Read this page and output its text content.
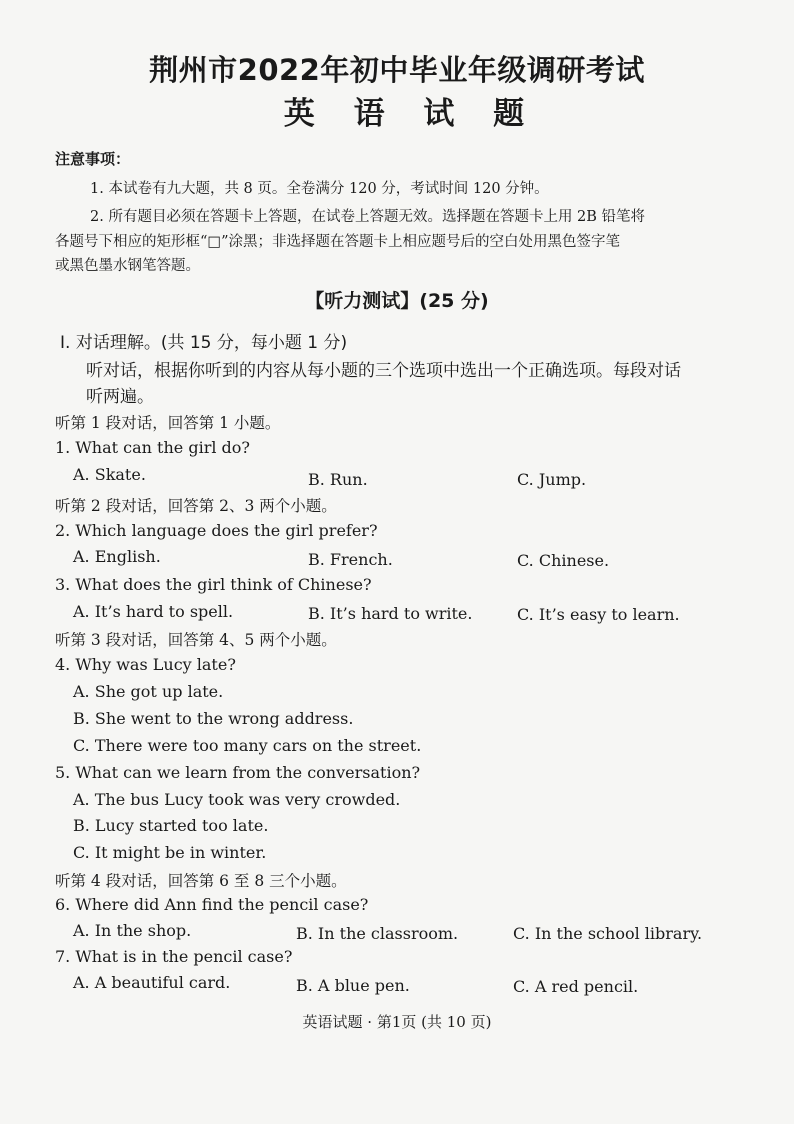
荆州市2022年初中毕业年级调研考试
英 语 试 题
注意事项：
1. 本试卷有九大题，共 8 页。全卷满分 120 分，考试时间 120 分钟。
2. 所有题目必须在答题卡上答题，在试卷上答题无效。选择题在答题卡上用 2B 铅笔将
各题号下相应的矩形框“□”涂黑；非选择题在答题卡上相应题号后的空白处用黑色签字笔
或黑色墨水钢笔答题。
【听力测试】(25 分)
Ⅰ. 对话理解。(共 15 分，每小题 1 分)
听对话，根据你听到的内容从每小题的三个选项中选出一个正确选项。每段对话
听两遍。
听第 1 段对话，回答第 1 小题。
1. What can the girl do?
A. Skate.	B. Run.	C. Jump.
听第 2 段对话，回答第 2、3 两个小题。
2. Which language does the girl prefer?
A. English.	B. French.	C. Chinese.
3. What does the girl think of Chinese?
A. It’s hard to spell.	B. It’s hard to write.	C. It’s easy to learn.
听第 3 段对话，回答第 4、5 两个小题。
4. Why was Lucy late?
A. She got up late.
B. She went to the wrong address.
C. There were too many cars on the street.
5. What can we learn from the conversation?
A. The bus Lucy took was very crowded.
B. Lucy started too late.
C. It might be in winter.
听第 4 段对话，回答第 6 至 8 三个小题。
6. Where did Ann find the pencil case?
A. In the shop.	B. In the classroom.	C. In the school library.
7. What is in the pencil case?
A. A beautiful card.	B. A blue pen.	C. A red pencil.
英语试题 · 第1页 (共 10 页)
